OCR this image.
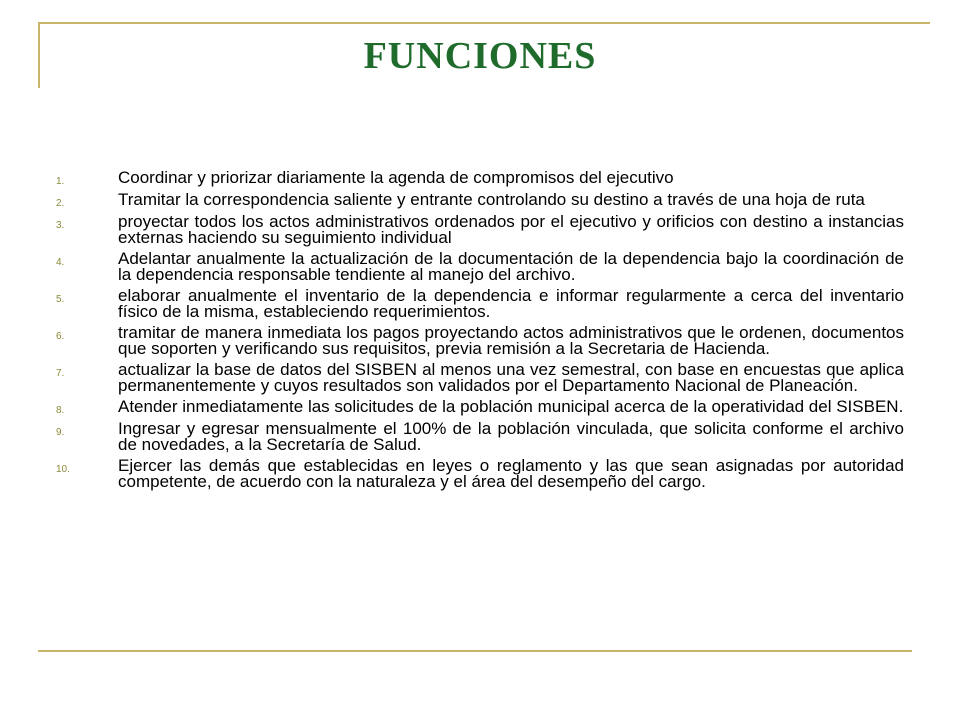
FUNCIONES
1.	Coordinar y priorizar diariamente la agenda de compromisos del ejecutivo
2.	Tramitar la correspondencia saliente y entrante controlando su destino a través de una hoja de ruta
3.	proyectar todos los actos administrativos ordenados por el ejecutivo y orificios con destino a instancias externas haciendo su seguimiento individual
4.	Adelantar anualmente la actualización de la documentación de la dependencia bajo la coordinación de la dependencia responsable tendiente al manejo del archivo.
5.	elaborar anualmente el inventario de la dependencia e informar regularmente a cerca del inventario físico de la misma, estableciendo requerimientos.
6.	tramitar de manera inmediata los pagos proyectando actos administrativos que le ordenen, documentos que soporten y verificando sus requisitos, previa remisión a la Secretaria de Hacienda.
7.	actualizar la base de datos del SISBEN al menos una vez semestral, con base en encuestas que aplica permanentemente y cuyos resultados son validados por el Departamento Nacional de Planeación.
8.	Atender inmediatamente las solicitudes de la población municipal acerca de la operatividad del SISBEN.
9.	Ingresar y egresar mensualmente el 100% de la población vinculada, que solicita conforme el archivo de novedades, a la Secretaría de Salud.
10.	Ejercer las demás que establecidas en leyes o reglamento y las que sean asignadas por autoridad competente, de acuerdo con la naturaleza y el área del desempeño del cargo.
